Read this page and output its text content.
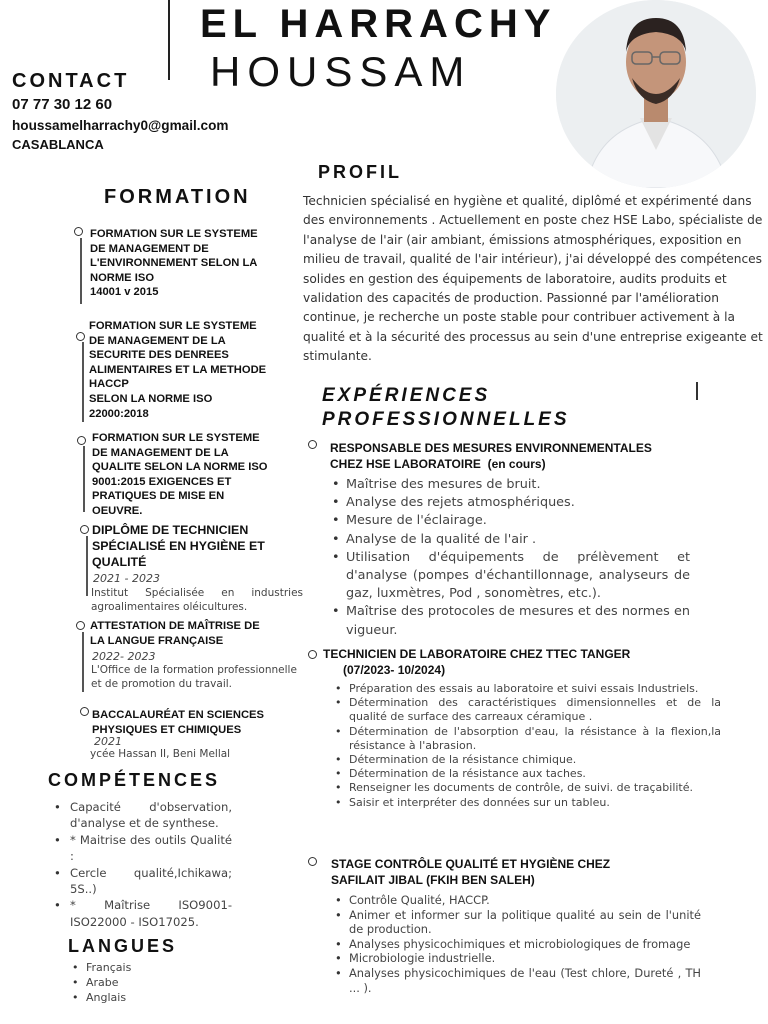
EL HARRACHY
HOUSSAM
CONTACT
07 77 30 12 60
houssamelharrachy0@gmail.com
CASABLANCA
PROFIL
Technicien spécialisé en hygiène et qualité, diplômé et expérimenté dans des environnements . Actuellement en poste chez HSE Labo, spécialiste de l'analyse de l'air (air ambiant, émissions atmosphériques, exposition en milieu de travail, qualité de l'air intérieur), j'ai développé des compétences solides en gestion des équipements de laboratoire, audits produits et validation des capacités de production. Passionné par l'amélioration continue, je recherche un poste stable pour contribuer activement à la qualité et à la sécurité des processus au sein d'une entreprise exigeante et stimulante.
FORMATION
FORMATION SUR LE SYSTEME
DE MANAGEMENT DE
L'ENVIRONNEMENT SELON LA
NORME ISO
14001 v 2015
FORMATION SUR LE SYSTEME
DE MANAGEMENT DE LA
SECURITE DES DENREES
ALIMENTAIRES ET LA METHODE
HACCP
SELON LA NORME ISO
22000:2018
FORMATION SUR LE SYSTEME
DE MANAGEMENT DE LA
QUALITE SELON LA NORME ISO
9001:2015 EXIGENCES ET
PRATIQUES DE MISE EN
OEUVRE.
DIPLÔME DE TECHNICIEN
SPÉCIALISÉ EN HYGIÈNE ET
QUALITÉ
2021 - 2023
Institut Spécialisée en industries agroalimentaires oléicultures.
ATTESTATION DE MAÎTRISE DE
LA LANGUE FRANÇAISE
2022- 2023
L'Office de la formation professionnelle et de promotion du travail.
BACCALAURÉAT EN SCIENCES
PHYSIQUES ET CHIMIQUES
2021
ycée Hassan II, Beni Mellal
EXPÉRIENCES
PROFESSIONNELLES
RESPONSABLE DES MESURES ENVIRONNEMENTALES
CHEZ HSE LABORATOIRE (en cours)
• Maîtrise des mesures de bruit.
• Analyse des rejets atmosphériques.
• Mesure de l'éclairage.
• Analyse de la qualité de l'air .
• Utilisation d'équipements de prélèvement et d'analyse (pompes d'échantillonnage, analyseurs de gaz, luxmètres, Pod , sonomètres, etc.).
• Maîtrise des protocoles de mesures et des normes en vigueur.
TECHNICIEN DE LABORATOIRE CHEZ TTEC TANGER
(07/2023- 10/2024)
• Préparation des essais au laboratoire et suivi essais Industriels.
• Détermination des caractéristiques dimensionnelles et de la qualité de surface des carreaux céramique .
• Détermination de l'absorption d'eau, la résistance à la flexion,la résistance à l'abrasion.
• Détermination de la résistance chimique.
• Détermination de la résistance aux taches.
• Renseigner les documents de contrôle, de suivi. de traçabilité.
• Saisir et interpréter des données sur un tableu.
STAGE CONTRÔLE QUALITÉ ET HYGIÈNE CHEZ
SAFILAIT JIBAL (FKIH BEN SALEH)
• Contrôle Qualité, HACCP.
• Animer et informer sur la politique qualité au sein de l'unité de production.
• Analyses physicochimiques et microbiologiques de fromage
• Microbiologie industrielle.
• Analyses physicochimiques de l'eau (Test chlore, Dureté , TH ... ).
COMPÉTENCES
• Capacité d'observation, d'analyse et de synthese.
• * Maitrise des outils Qualité :
• Cercle qualité,Ichikawa; 5S..)
• * Maîtrise ISO9001- ISO22000 - ISO17025.
LANGUES
• Français
• Arabe
• Anglais
